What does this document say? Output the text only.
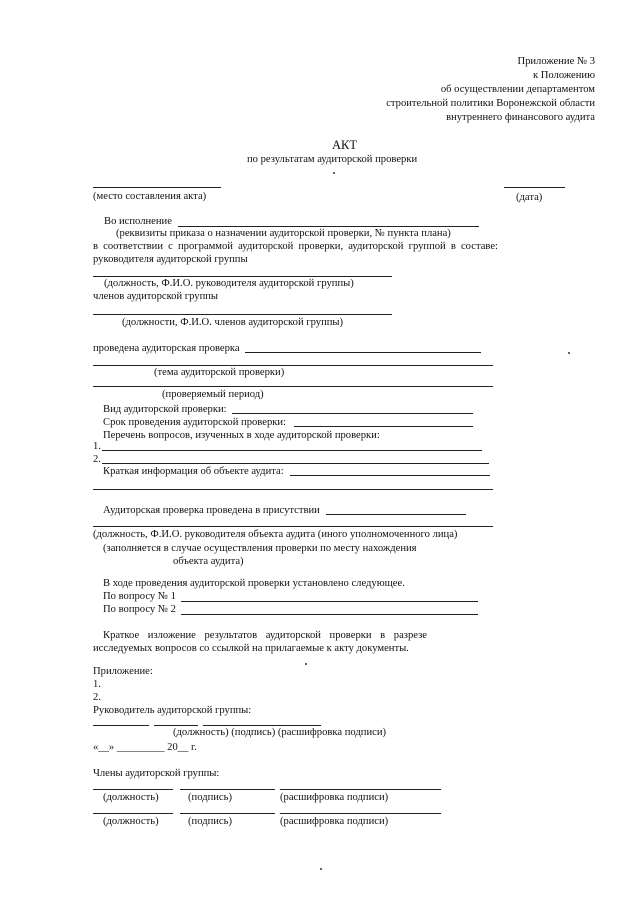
Приложение № 3
к Положению
об осуществлении департаментом
строительной политики Воронежской области
внутреннего финансового аудита
АКТ
по результатам аудиторской проверки
(место составления акта)	(дата)
Во исполнение
(реквизиты приказа о назначении аудиторской проверки, № пункта плана)
в соответствии с программой аудиторской проверки, аудиторской группой в составе:
руководителя аудиторской группы
(должность, Ф.И.О. руководителя аудиторской группы)
членов аудиторской группы
(должности, Ф.И.О. членов аудиторской группы)
проведена аудиторская проверка
(тема аудиторской проверки)
(проверяемый период)
Вид аудиторской проверки:
Срок проведения аудиторской проверки:
Перечень вопросов, изученных в ходе аудиторской проверки:
1.
2.
Краткая информация об объекте аудита:
Аудиторская проверка проведена в присутствии
(должность, Ф.И.О. руководителя объекта аудита (иного уполномоченного лица)
(заполняется в случае осуществления проверки по месту нахождения
объекта аудита)
В ходе проведения аудиторской проверки установлено следующее.
По вопросу № 1
По вопросу № 2
Краткое изложение результатов аудиторской проверки в разрезе
исследуемых вопросов со ссылкой на прилагаемые к акту документы.
Приложение:
1.
2.
Руководитель аудиторской группы:
(должность) (подпись) (расшифровка подписи)
«__» _________ 20__ г.
Члены аудиторской группы:
(должность)	(подпись)	(расшифровка подписи)
(должность)	(подпись)	(расшифровка подписи)
